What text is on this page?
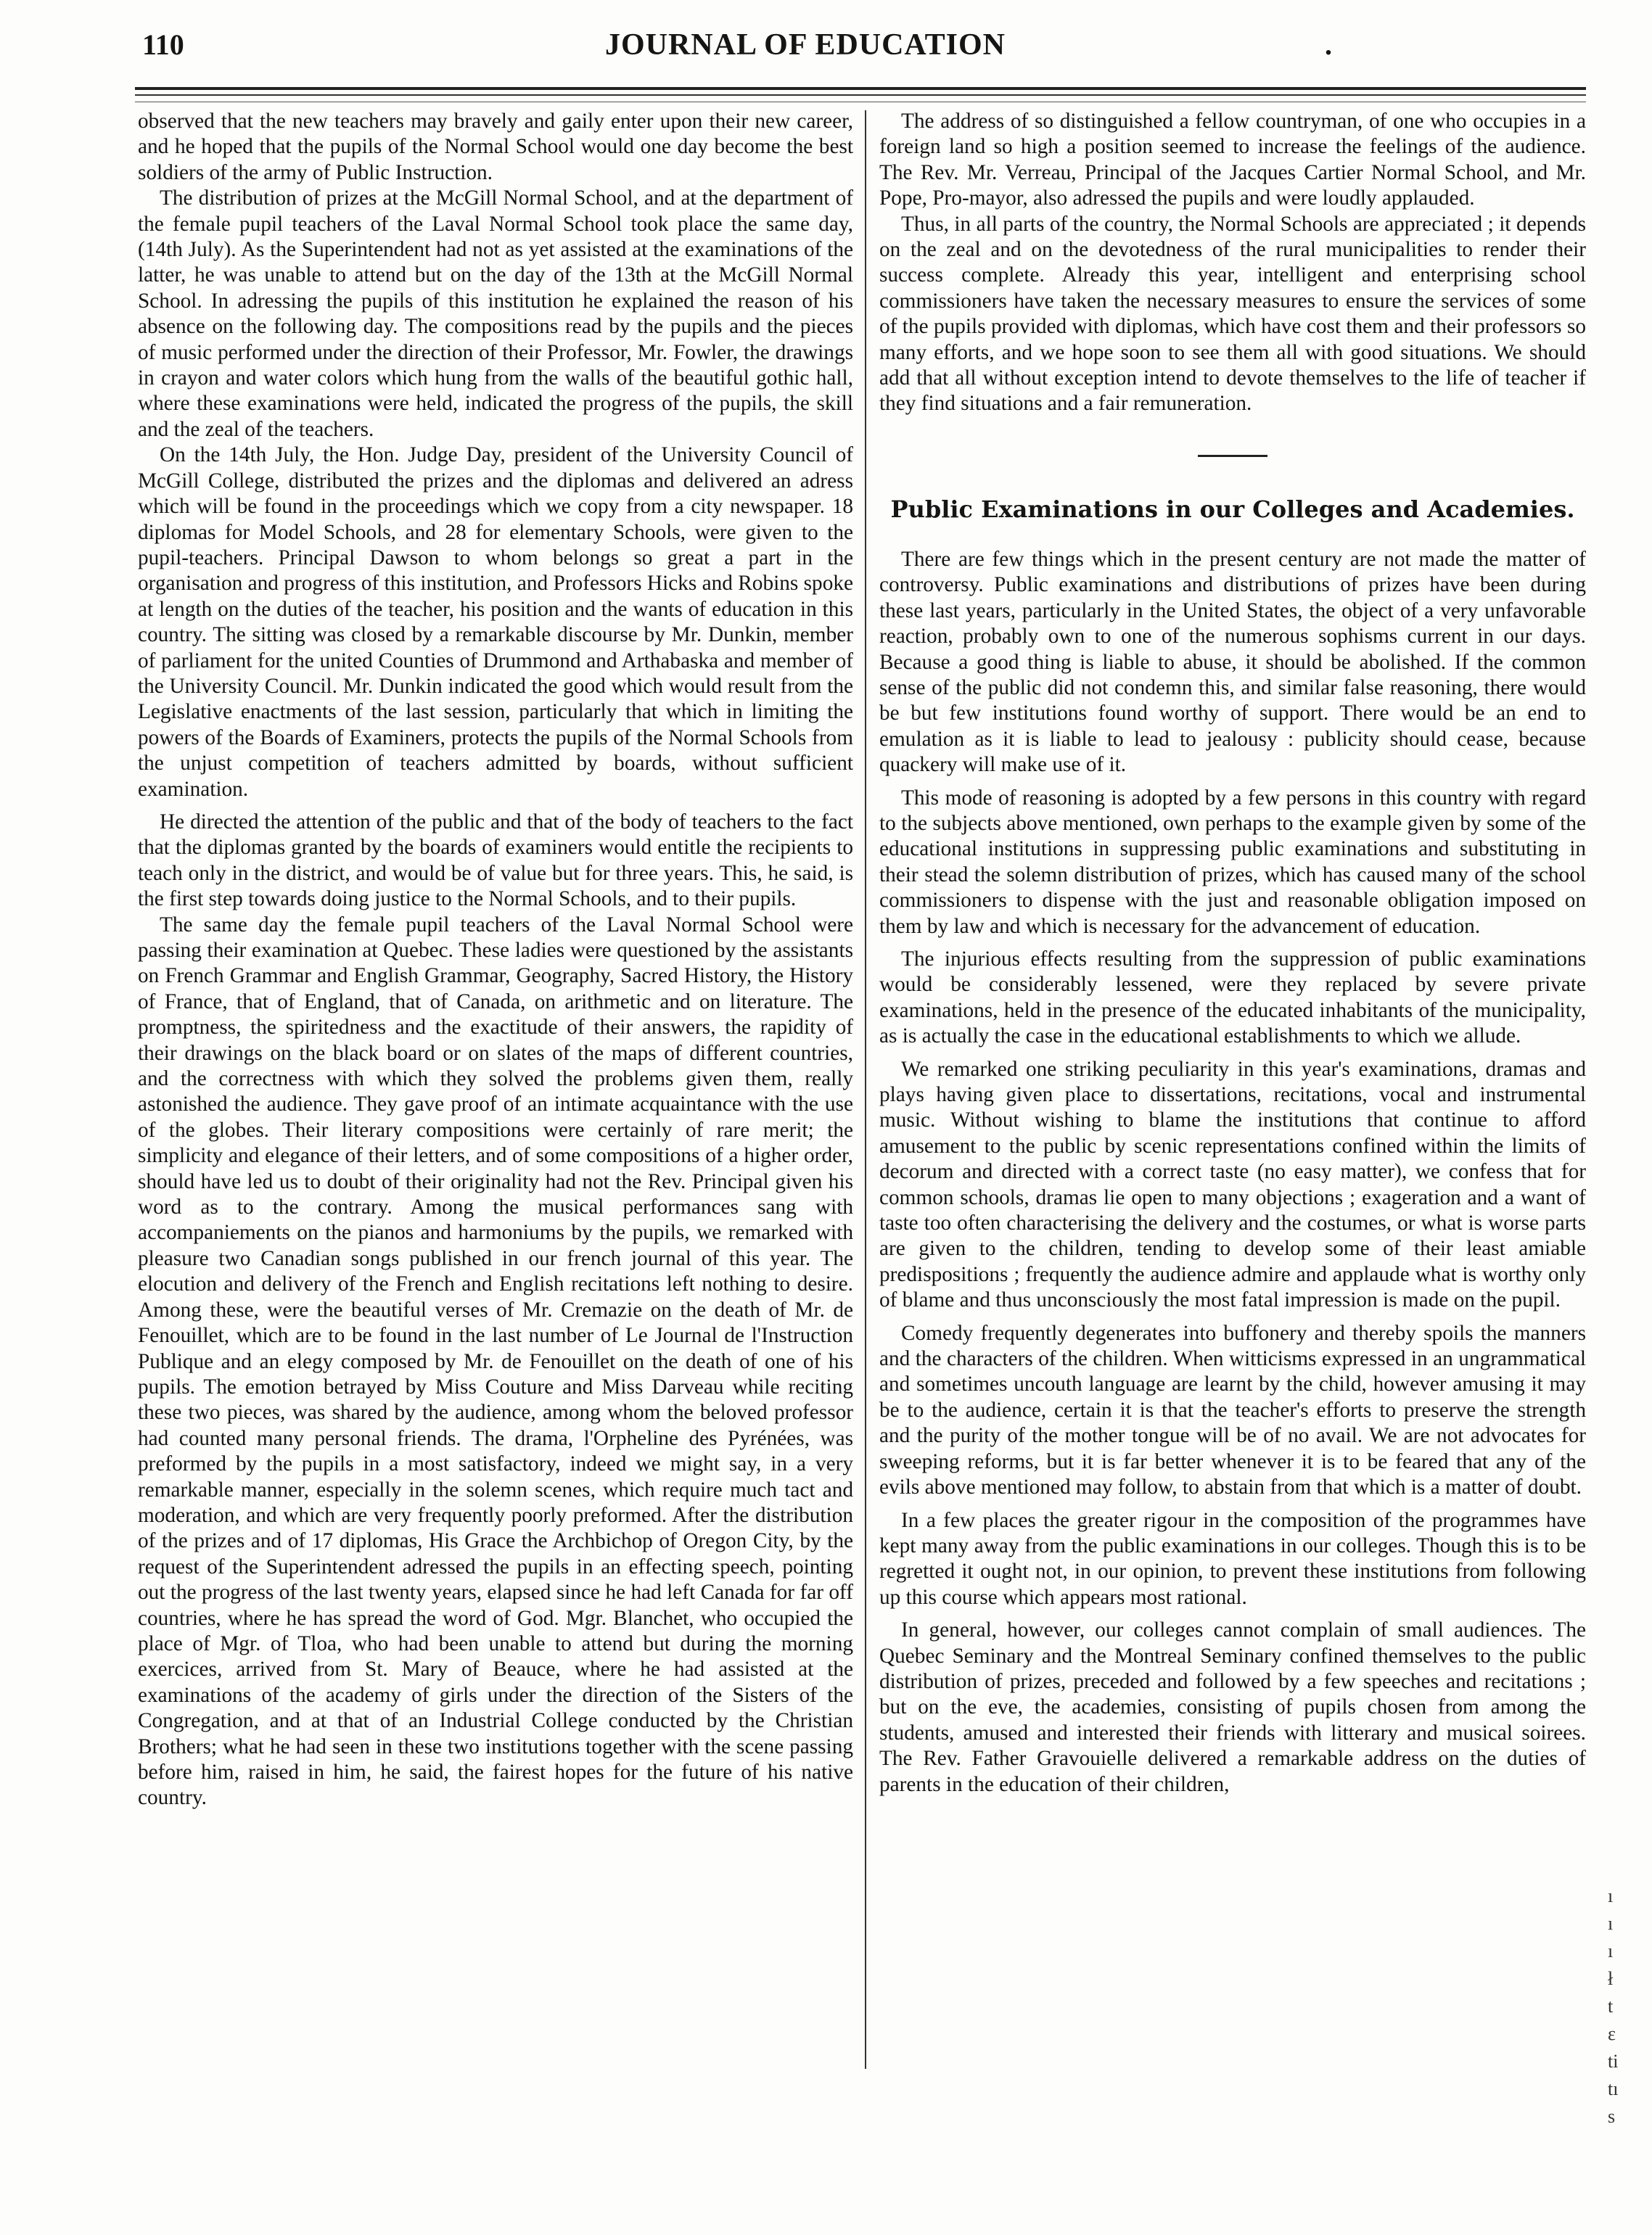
110	JOURNAL OF EDUCATION	.

observed that the new teachers may bravely and gaily enter upon their new career, and he hoped that the pupils of the Normal School would one day become the best soldiers of the army of Public Instruction.

The distribution of prizes at the McGill Normal School, and at the department of the female pupil teachers of the Laval Normal School took place the same day, (14th July). As the Superintendent had not as yet assisted at the examinations of the latter, he was unable to attend but on the day of the 13th at the McGill Normal School. In adressing the pupils of this institution he explained the reason of his absence on the following day. The compositions read by the pupils and the pieces of music performed under the direction of their Professor, Mr. Fowler, the drawings in crayon and water colors which hung from the walls of the beautiful gothic hall, where these examinations were held, indicated the progress of the pupils, the skill and the zeal of the teachers.

On the 14th July, the Hon. Judge Day, president of the University Council of McGill College, distributed the prizes and the diplomas and delivered an adress which will be found in the proceedings which we copy from a city newspaper. 18 diplomas for Model Schools, and 28 for elementary Schools, were given to the pupil-teachers. Principal Dawson to whom belongs so great a part in the organisation and progress of this institution, and Professors Hicks and Robins spoke at length on the duties of the teacher, his position and the wants of education in this country. The sitting was closed by a remarkable discourse by Mr. Dunkin, member of parliament for the united Counties of Drummond and Arthabaska and member of the University Council. Mr. Dunkin indicated the good which would result from the Legislative enactments of the last session, particularly that which in limiting the powers of the Boards of Examiners, protects the pupils of the Normal Schools from the unjust competition of teachers admitted by boards, without sufficient examination.

He directed the attention of the public and that of the body of teachers to the fact that the diplomas granted by the boards of examiners would entitle the recipients to teach only in the district, and would be of value but for three years. This, he said, is the first step towards doing justice to the Normal Schools, and to their pupils.

The same day the female pupil teachers of the Laval Normal School were passing their examination at Quebec. These ladies were questioned by the assistants on French Grammar and English Grammar, Geography, Sacred History, the History of France, that of England, that of Canada, on arithmetic and on literature. The promptness, the spiritedness and the exactitude of their answers, the rapidity of their drawings on the black board or on slates of the maps of different countries, and the correctness with which they solved the problems given them, really astonished the audience. They gave proof of an intimate acquaintance with the use of the globes. Their literary compositions were certainly of rare merit; the simplicity and elegance of their letters, and of some compositions of a higher order, should have led us to doubt of their originality had not the Rev. Principal given his word as to the contrary. Among the musical performances sang with accompaniements on the pianos and harmoniums by the pupils, we remarked with pleasure two Canadian songs published in our french journal of this year. The elocution and delivery of the French and English recitations left nothing to desire. Among these, were the beautiful verses of Mr. Cremazie on the death of Mr. de Fenouillet, which are to be found in the last number of Le Journal de l'Instruction Publique and an elegy composed by Mr. de Fenouillet on the death of one of his pupils. The emotion betrayed by Miss Couture and Miss Darveau while reciting these two pieces, was shared by the audience, among whom the beloved professor had counted many personal friends. The drama, l'Orpheline des Pyrénées, was preformed by the pupils in a most satisfactory, indeed we might say, in a very remarkable manner, especially in the solemn scenes, which require much tact and moderation, and which are very frequently poorly preformed. After the distribution of the prizes and of 17 diplomas, His Grace the Archbichop of Oregon City, by the request of the Superintendent adressed the pupils in an effecting speech, pointing out the progress of the last twenty years, elapsed since he had left Canada for far off countries, where he has spread the word of God. Mgr. Blanchet, who occupied the place of Mgr. of Tloa, who had been unable to attend but during the morning exercices, arrived from St. Mary of Beauce, where he had assisted at the examinations of the academy of girls under the direction of the Sisters of the Congregation, and at that of an Industrial College conducted by the Christian Brothers; what he had seen in these two institutions together with the scene passing before him, raised in him, he said, the fairest hopes for the future of his native country.

The address of so distinguished a fellow countryman, of one who occupies in a foreign land so high a position seemed to increase the feelings of the audience. The Rev. Mr. Verreau, Principal of the Jacques Cartier Normal School, and Mr. Pope, Pro-mayor, also adressed the pupils and were loudly applauded.

Thus, in all parts of the country, the Normal Schools are appreciated ; it depends on the zeal and on the devotedness of the rural municipalities to render their success complete. Already this year, intelligent and enterprising school commissioners have taken the necessary measures to ensure the services of some of the pupils provided with diplomas, which have cost them and their professors so many efforts, and we hope soon to see them all with good situations. We should add that all without exception intend to devote themselves to the life of teacher if they find situations and a fair remuneration.

Public Examinations in our Colleges and Academies.

There are few things which in the present century are not made the matter of controversy. Public examinations and distributions of prizes have been during these last years, particularly in the United States, the object of a very unfavorable reaction, probably own to one of the numerous sophisms current in our days. Because a good thing is liable to abuse, it should be abolished. If the common sense of the public did not condemn this, and similar false reasoning, there would be but few institutions found worthy of support. There would be an end to emulation as it is liable to lead to jealousy : publicity should cease, because quackery will make use of it.

This mode of reasoning is adopted by a few persons in this country with regard to the subjects above mentioned, own perhaps to the example given by some of the educational institutions in suppressing public examinations and substituting in their stead the solemn distribution of prizes, which has caused many of the school commissioners to dispense with the just and reasonable obligation imposed on them by law and which is necessary for the advancement of education.

The injurious effects resulting from the suppression of public examinations would be considerably lessened, were they replaced by severe private examinations, held in the presence of the educated inhabitants of the municipality, as is actually the case in the educational establishments to which we allude.

We remarked one striking peculiarity in this year's examinations, dramas and plays having given place to dissertations, recitations, vocal and instrumental music. Without wishing to blame the institutions that continue to afford amusement to the public by scenic representations confined within the limits of decorum and directed with a correct taste (no easy matter), we confess that for common schools, dramas lie open to many objections ; exageration and a want of taste too often characterising the delivery and the costumes, or what is worse parts are given to the children, tending to develop some of their least amiable predispositions ; frequently the audience admire and applaude what is worthy only of blame and thus unconsciously the most fatal impression is made on the pupil.

Comedy frequently degenerates into buffonery and thereby spoils the manners and the characters of the children. When witticisms expressed in an ungrammatical and sometimes uncouth language are learnt by the child, however amusing it may be to the audience, certain it is that the teacher's efforts to preserve the strength and the purity of the mother tongue will be of no avail. We are not advocates for sweeping reforms, but it is far better whenever it is to be feared that any of the evils above mentioned may follow, to abstain from that which is a matter of doubt.

In a few places the greater rigour in the composition of the programmes have kept many away from the public examinations in our colleges. Though this is to be regretted it ought not, in our opinion, to prevent these institutions from following up this course which appears most rational.

In general, however, our colleges cannot complain of small audiences. The Quebec Seminary and the Montreal Seminary confined themselves to the public distribution of prizes, preceded and followed by a few speeches and recitations ; but on the eve, the academies, consisting of pupils chosen from among the students, amused and interested their friends with litterary and musical soirees. The Rev. Father Gravouielle delivered a remarkable address on the duties of parents in the education of their children,

ı
ı
ı
ł
t
ε
ti
tı
s
